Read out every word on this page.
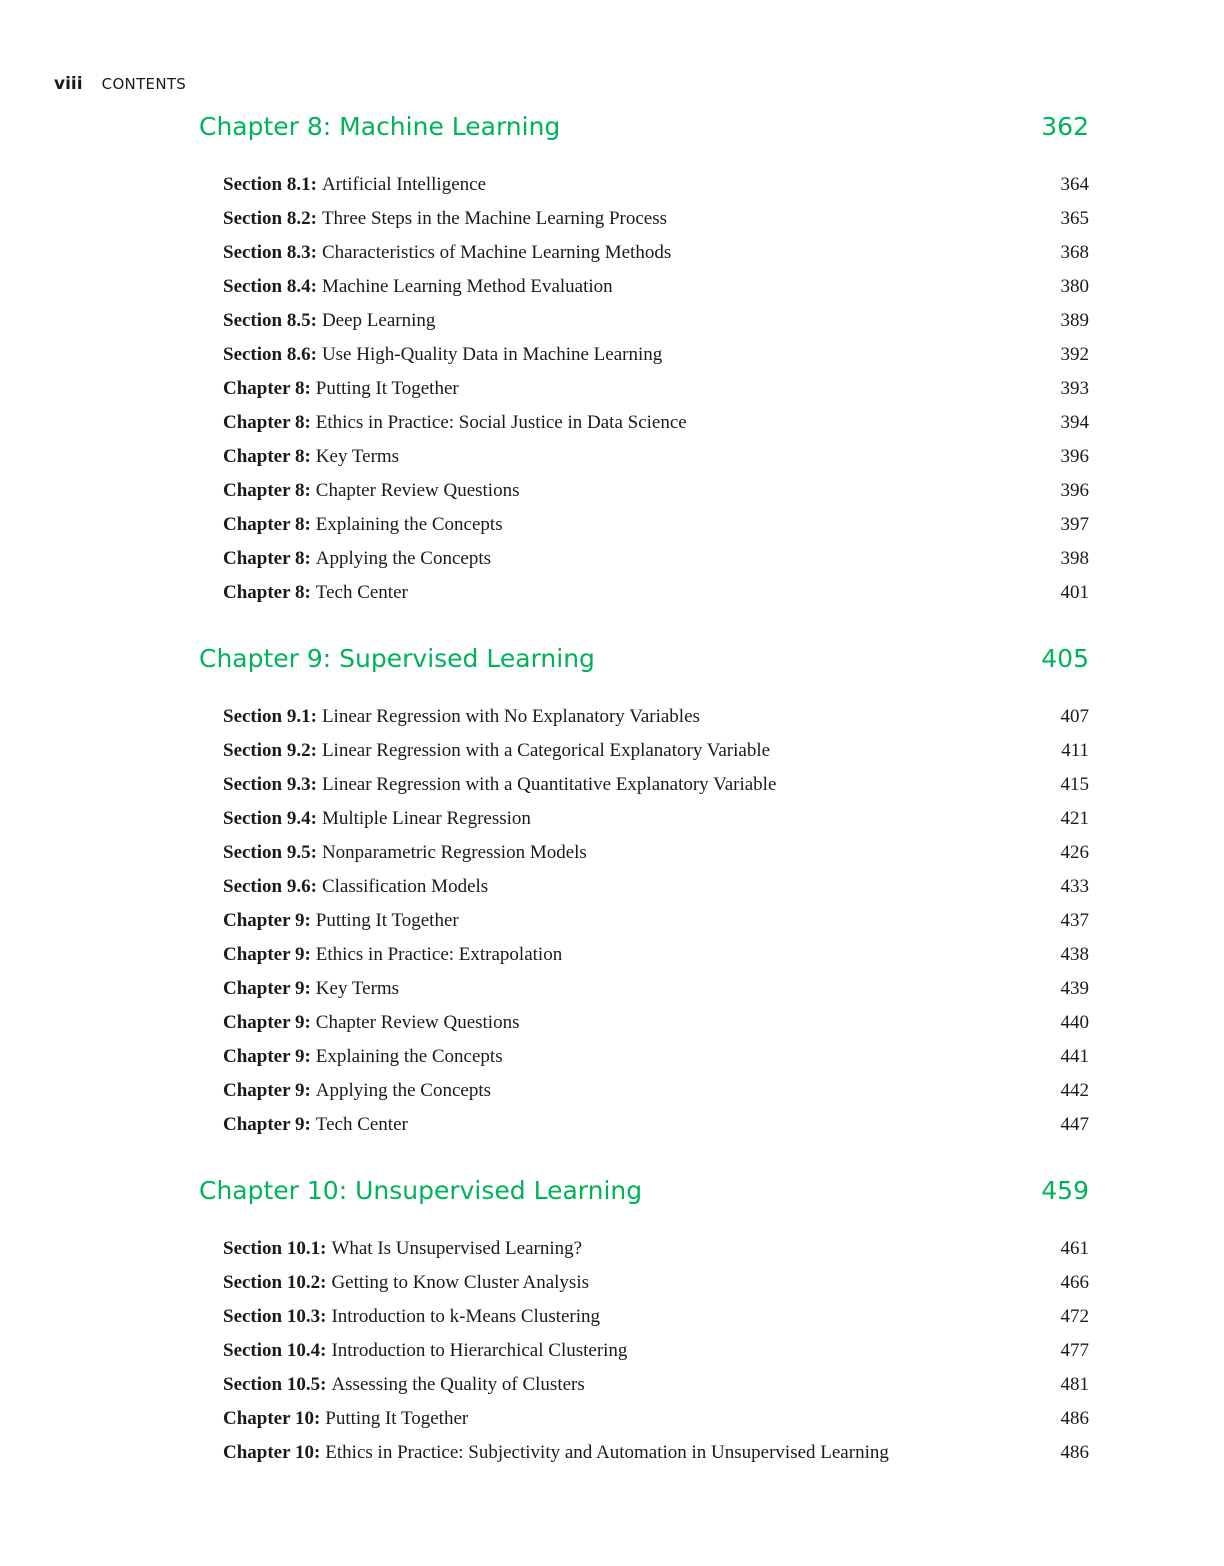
viii CONTENTS
Chapter 8: Machine Learning	362
Section 8.1: Artificial Intelligence	364
Section 8.2: Three Steps in the Machine Learning Process	365
Section 8.3: Characteristics of Machine Learning Methods	368
Section 8.4: Machine Learning Method Evaluation	380
Section 8.5: Deep Learning	389
Section 8.6: Use High-Quality Data in Machine Learning	392
Chapter 8: Putting It Together	393
Chapter 8: Ethics in Practice: Social Justice in Data Science	394
Chapter 8: Key Terms	396
Chapter 8: Chapter Review Questions	396
Chapter 8: Explaining the Concepts	397
Chapter 8: Applying the Concepts	398
Chapter 8: Tech Center	401
Chapter 9: Supervised Learning	405
Section 9.1: Linear Regression with No Explanatory Variables	407
Section 9.2: Linear Regression with a Categorical Explanatory Variable	411
Section 9.3: Linear Regression with a Quantitative Explanatory Variable	415
Section 9.4: Multiple Linear Regression	421
Section 9.5: Nonparametric Regression Models	426
Section 9.6: Classification Models	433
Chapter 9: Putting It Together	437
Chapter 9: Ethics in Practice: Extrapolation	438
Chapter 9: Key Terms	439
Chapter 9: Chapter Review Questions	440
Chapter 9: Explaining the Concepts	441
Chapter 9: Applying the Concepts	442
Chapter 9: Tech Center	447
Chapter 10: Unsupervised Learning	459
Section 10.1: What Is Unsupervised Learning?	461
Section 10.2: Getting to Know Cluster Analysis	466
Section 10.3: Introduction to k-Means Clustering	472
Section 10.4: Introduction to Hierarchical Clustering	477
Section 10.5: Assessing the Quality of Clusters	481
Chapter 10: Putting It Together	486
Chapter 10: Ethics in Practice: Subjectivity and Automation in Unsupervised Learning	486
